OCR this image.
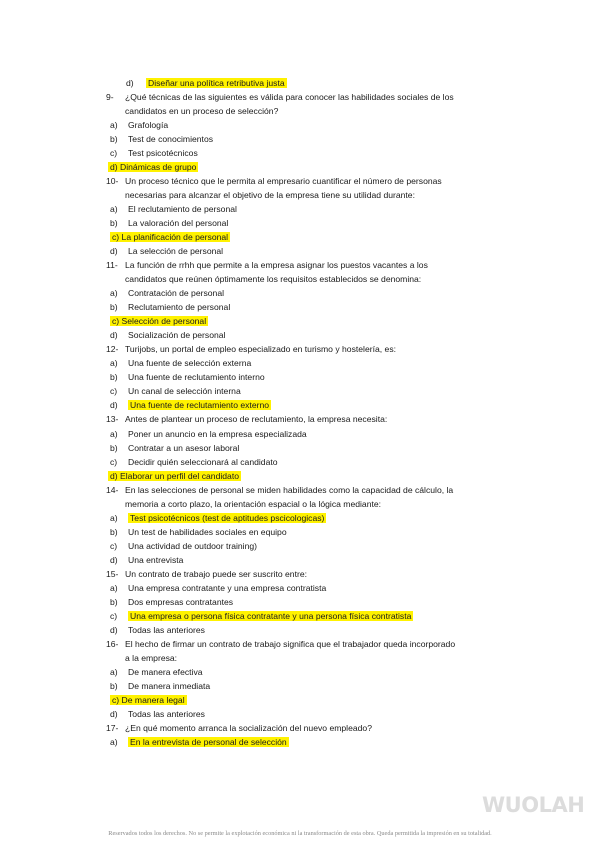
WUOLAH
Reservados todos los derechos. No se permite la explotación económica ni la transformación de esta obra. Queda permitida la impresión en su totalidad.
d) Diseñar una política retributiva justa
9- ¿Qué técnicas de las siguientes es válida para conocer las habilidades sociales de los
candidatos en un proceso de selección?
a) Grafología
b) Test de conocimientos
c) Test psicotécnicos
d) Dinámicas de grupo
10- Un proceso técnico que le permita al empresario cuantificar el número de personas
necesarias para alcanzar el objetivo de la empresa tiene su utilidad durante:
a) El reclutamiento de personal
b) La valoración del personal
c) La planificación de personal
d) La selección de personal
11- La función de rrhh que permite a la empresa asignar los puestos vacantes a los
candidatos que reúnen óptimamente los requisitos establecidos se denomina:
a) Contratación de personal
b) Reclutamiento de personal
c) Selección de personal
d) Socialización de personal
12- Turijobs, un portal de empleo especializado en turismo y hostelería, es:
a) Una fuente de selección externa
b) Una fuente de reclutamiento interno
c) Un canal de selección interna
d) Una fuente de reclutamiento externo
13- Antes de plantear un proceso de reclutamiento, la empresa necesita:
a) Poner un anuncio en la empresa especializada
b) Contratar a un asesor laboral
c) Decidir quién seleccionará al candidato
d) Elaborar un perfil del candidato
14- En las selecciones de personal se miden habilidades como la capacidad de cálculo, la
memoria a corto plazo, la orientación espacial o la lógica mediante:
a) Test psicotécnicos (test de aptitudes pscicologicas)
b) Un test de habilidades sociales en equipo
c) Una actividad de outdoor training)
d) Una entrevista
15- Un contrato de trabajo puede ser suscrito entre:
a) Una empresa contratante y una empresa contratista
b) Dos empresas contratantes
c) Una empresa o persona física contratante y una persona física contratista
d) Todas las anteriores
16- El hecho de firmar un contrato de trabajo significa que el trabajador queda incorporado
a la empresa:
a) De manera efectiva
b) De manera inmediata
c) De manera legal
d) Todas las anteriores
17- ¿En qué momento arranca la socialización del nuevo empleado?
a) En la entrevista de personal de selección
